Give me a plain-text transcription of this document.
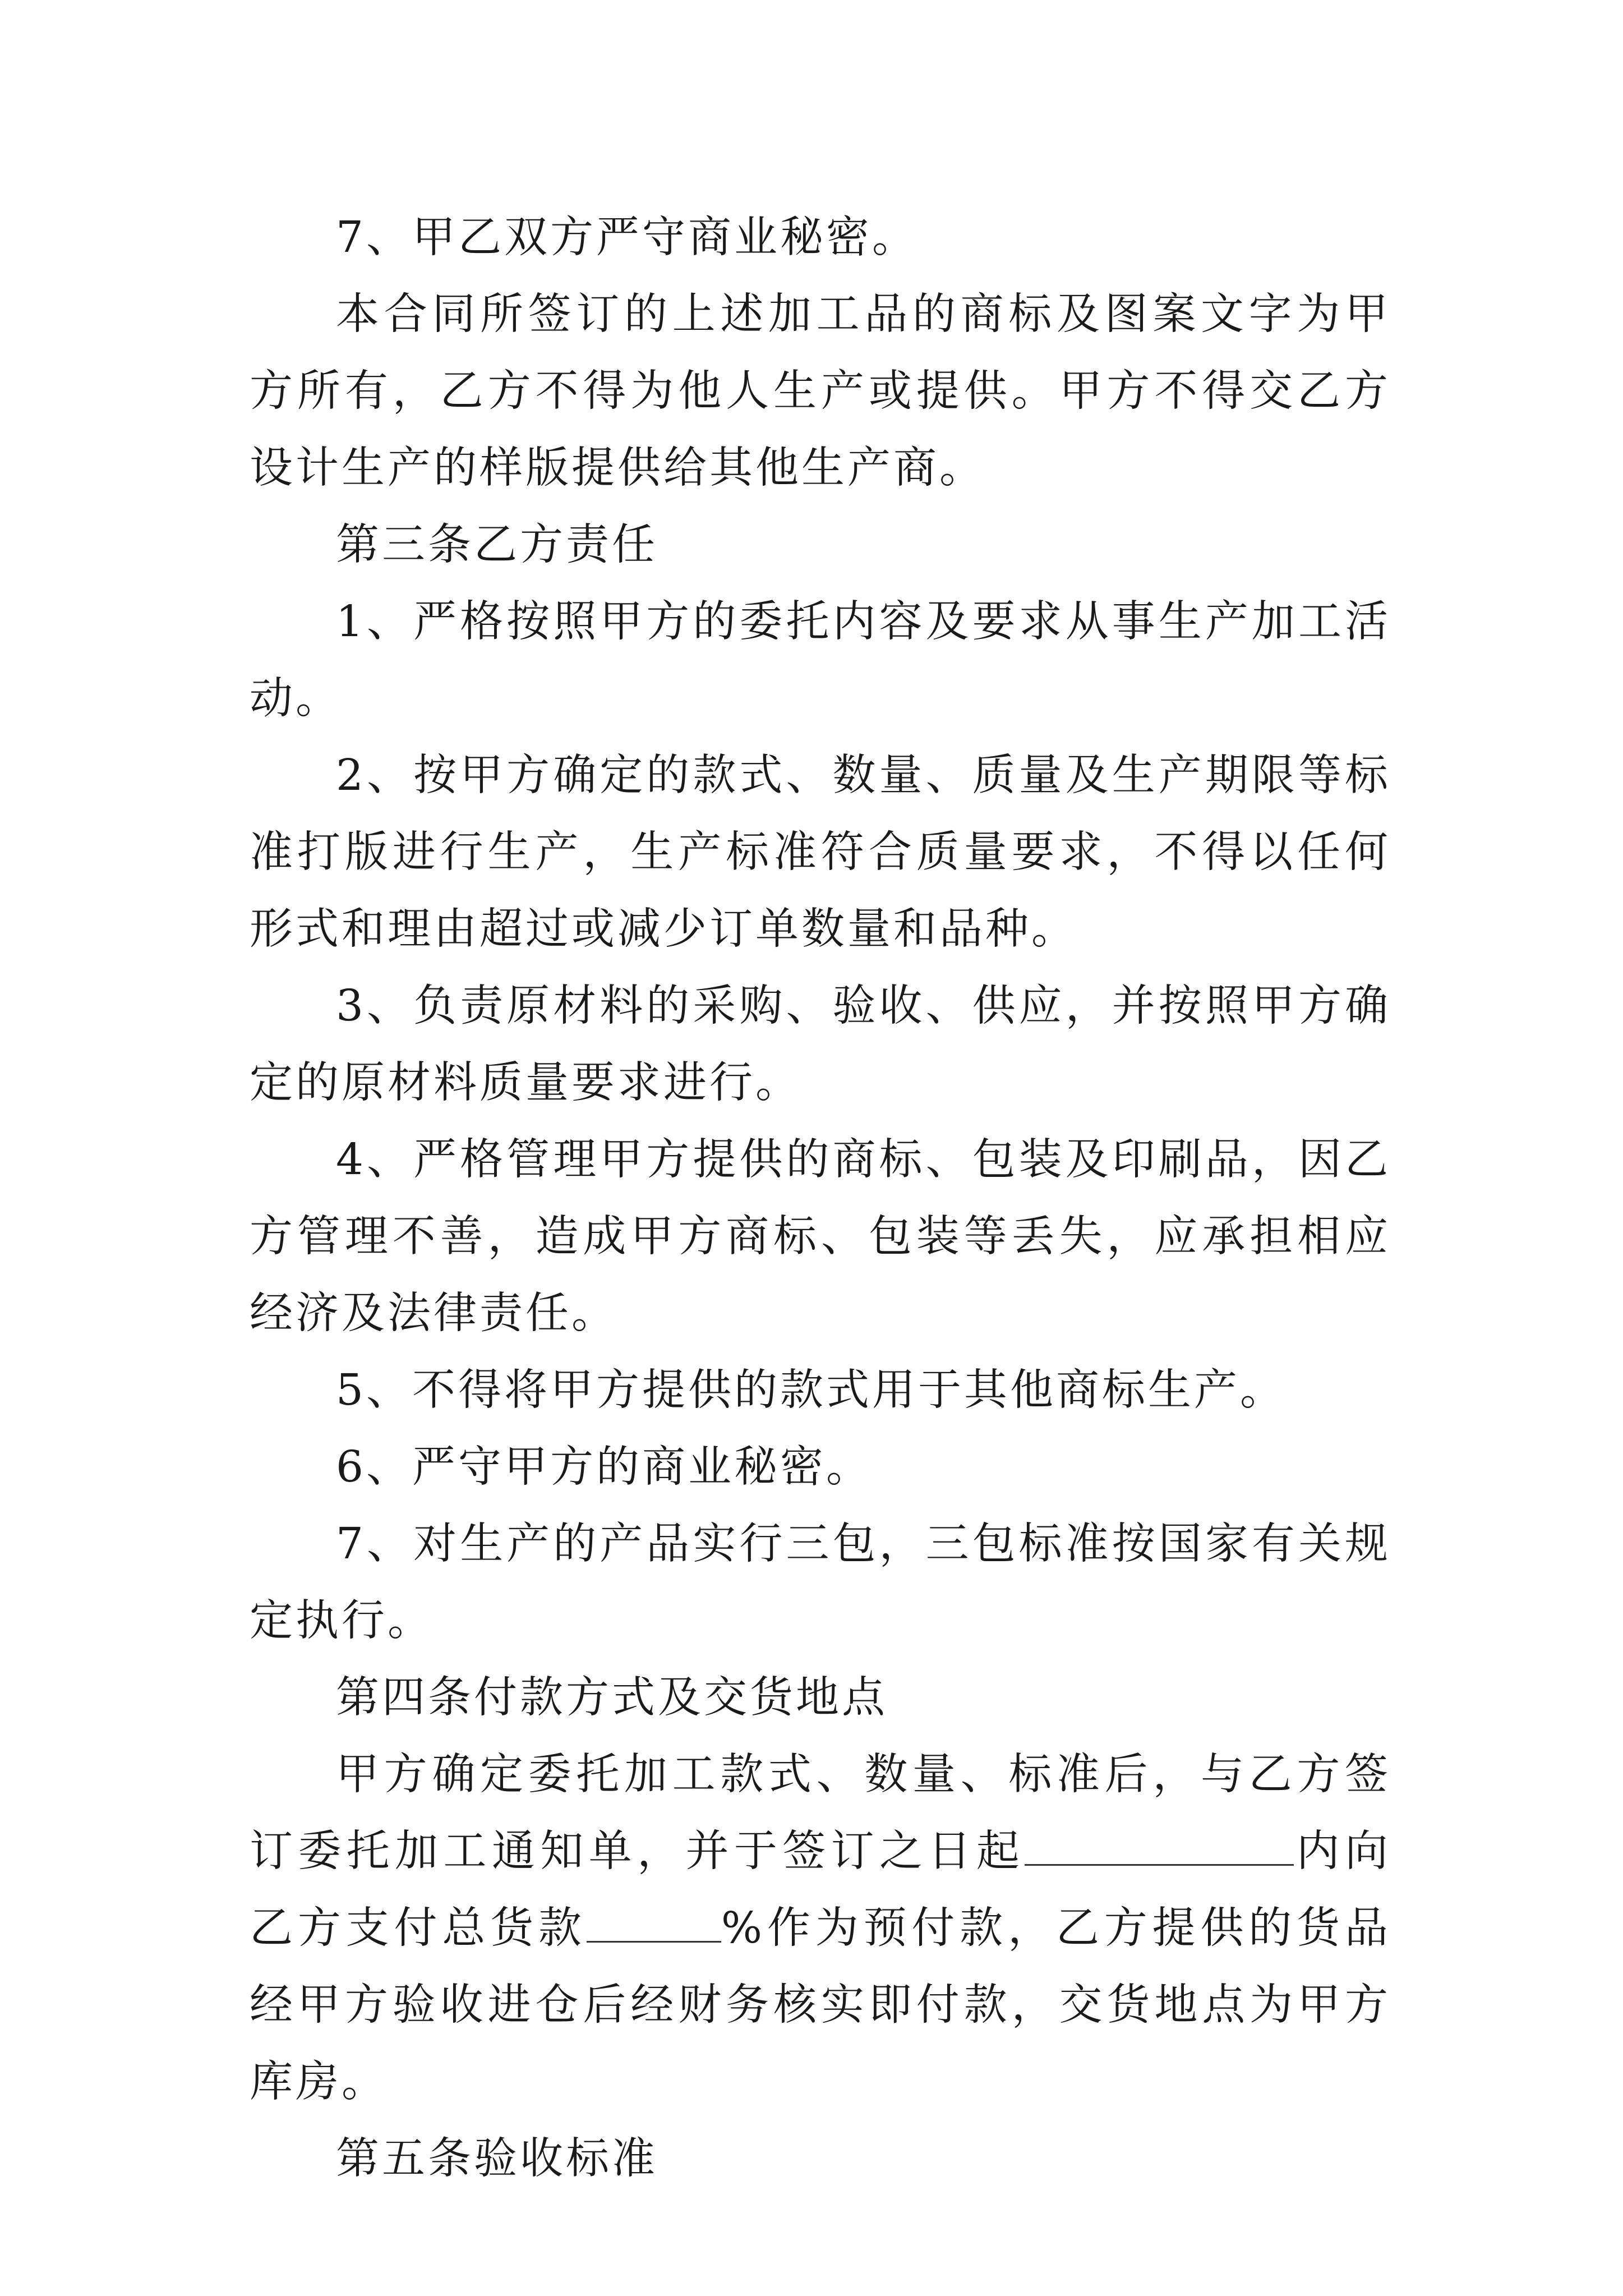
7、甲乙双方严守商业秘密。

本合同所签订的上述加工品的商标及图案文字为甲方所有，乙方不得为他人生产或提供。甲方不得交乙方设计生产的样版提供给其他生产商。

第三条乙方责任

1、严格按照甲方的委托内容及要求从事生产加工活动。

2、按甲方确定的款式、数量、质量及生产期限等标准打版进行生产，生产标准符合质量要求，不得以任何形式和理由超过或减少订单数量和品种。

3、负责原材料的采购、验收、供应，并按照甲方确定的原材料质量要求进行。

4、严格管理甲方提供的商标、包装及印刷品，因乙方管理不善，造成甲方商标、包装等丢失，应承担相应经济及法律责任。

5、不得将甲方提供的款式用于其他商标生产。

6、严守甲方的商业秘密。

7、对生产的产品实行三包，三包标准按国家有关规定执行。

第四条付款方式及交货地点

甲方确定委托加工款式、数量、标准后，与乙方签订委托加工通知单，并于签订之日起	内向乙方支付总货款	%作为预付款，乙方提供的货品经甲方验收进仓后经财务核实即付款，交货地点为甲方库房。

第五条验收标准
